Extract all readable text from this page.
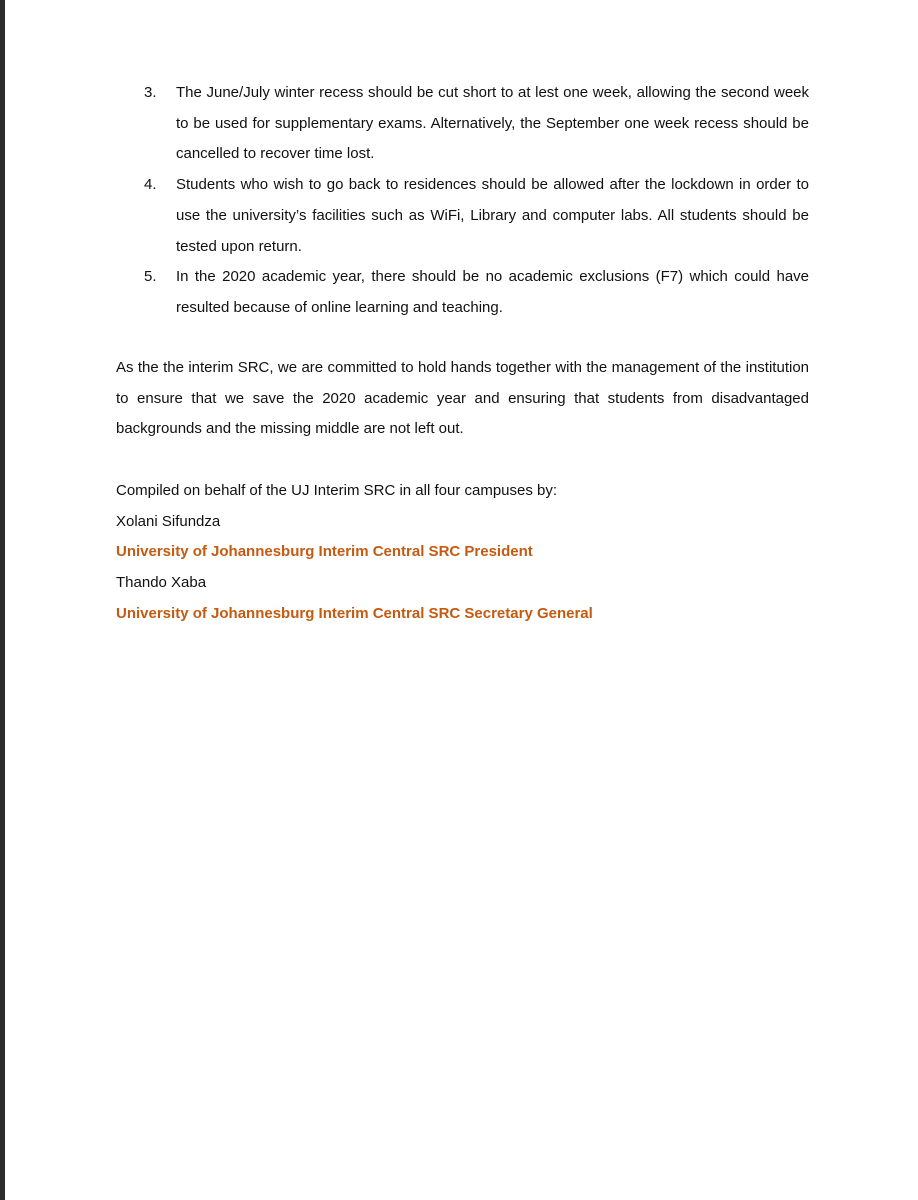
3. The June/July winter recess should be cut short to at lest one week, allowing the second week to be used for supplementary exams. Alternatively, the September one week recess should be cancelled to recover time lost.
4. Students who wish to go back to residences should be allowed after the lockdown in order to use the university’s facilities such as WiFi, Library and computer labs. All students should be tested upon return.
5. In the 2020 academic year, there should be no academic exclusions (F7) which could have resulted because of online learning and teaching.

As the the interim SRC, we are committed to hold hands together with the management of the institution to ensure that we save the 2020 academic year and ensuring that students from disadvantaged backgrounds and the missing middle are not left out.

Compiled on behalf of the UJ Interim SRC in all four campuses by:
Xolani Sifundza
University of Johannesburg Interim Central SRC President
Thando Xaba
University of Johannesburg Interim Central SRC Secretary General
